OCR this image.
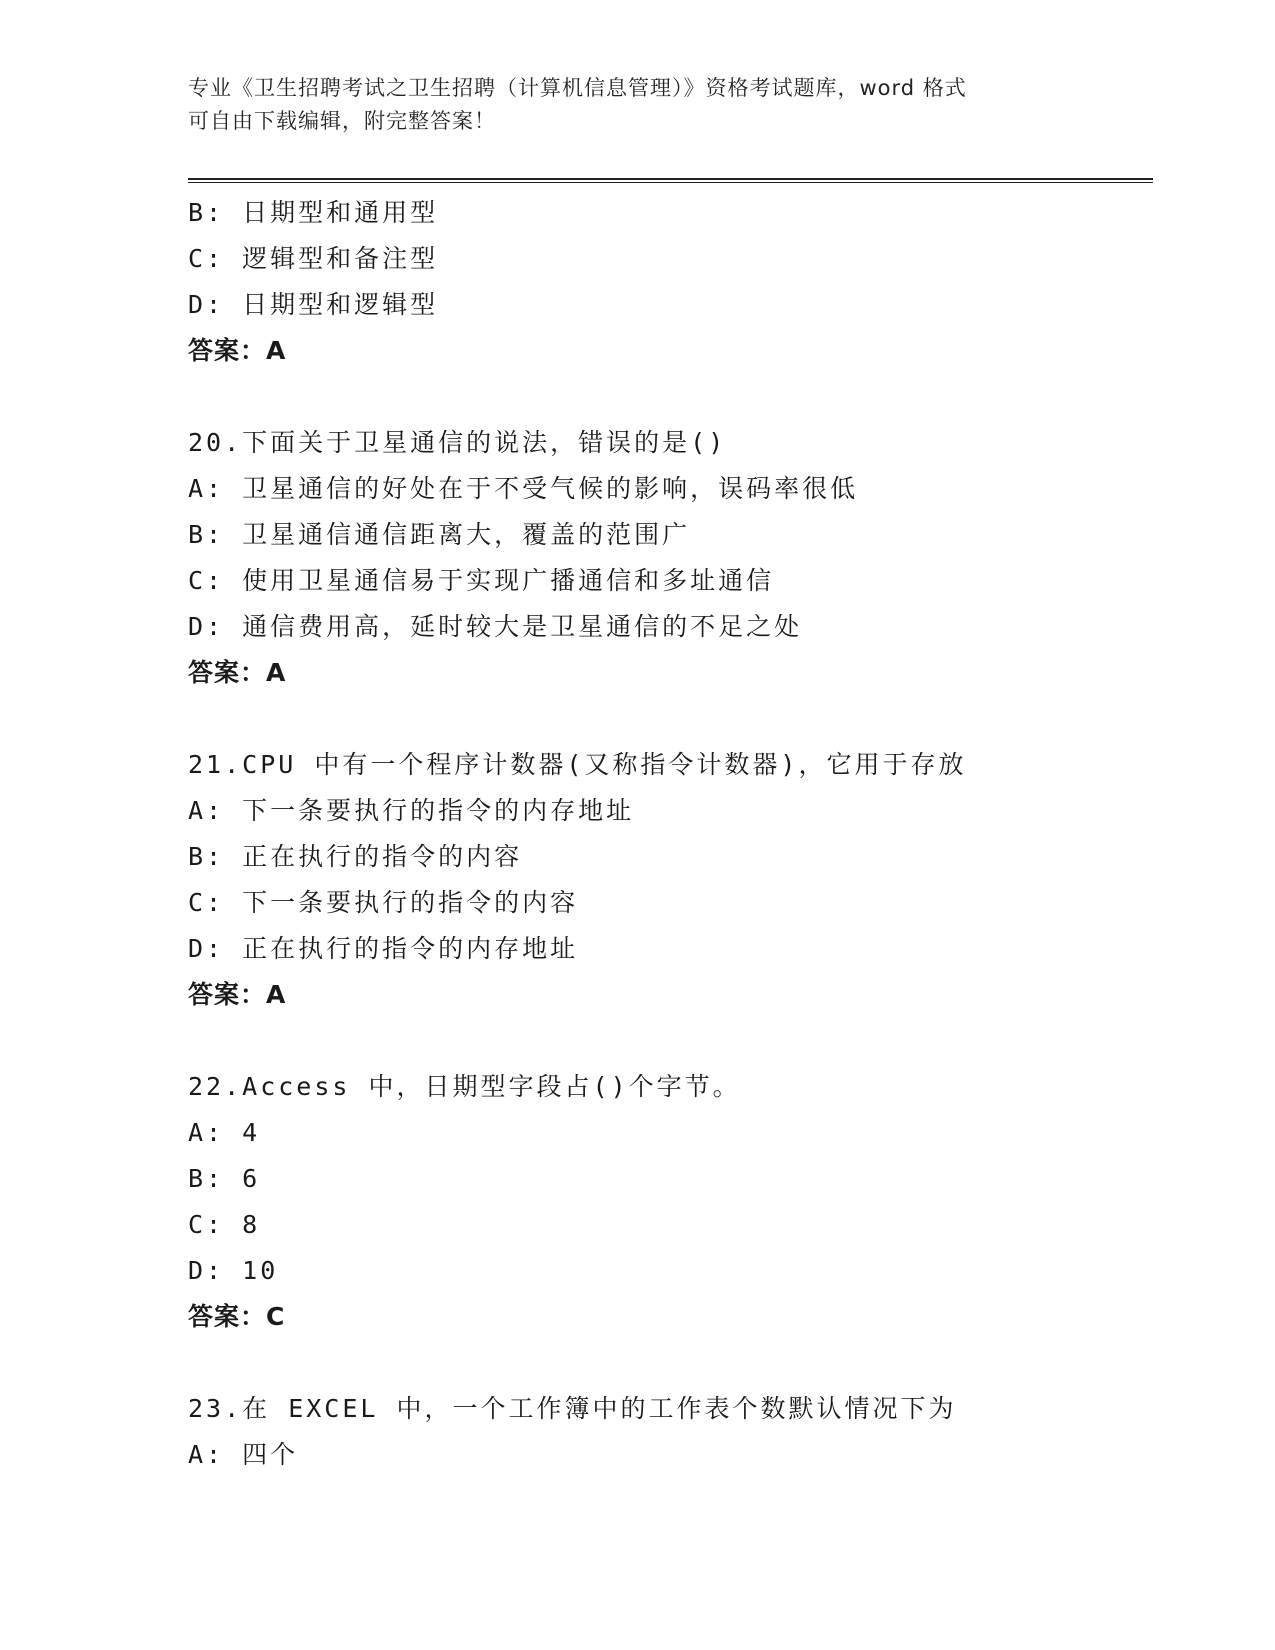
专业《卫生招聘考试之卫生招聘（计算机信息管理）》资格考试题库，word 格式
可自由下载编辑，附完整答案！
B: 日期型和通用型
C: 逻辑型和备注型
D: 日期型和逻辑型
答案：A
20.下面关于卫星通信的说法，错误的是()
A: 卫星通信的好处在于不受气候的影响，误码率很低
B: 卫星通信通信距离大，覆盖的范围广
C: 使用卫星通信易于实现广播通信和多址通信
D: 通信费用高，延时较大是卫星通信的不足之处
答案：A
21.CPU 中有一个程序计数器(又称指令计数器)，它用于存放
A: 下一条要执行的指令的内存地址
B: 正在执行的指令的内容
C: 下一条要执行的指令的内容
D: 正在执行的指令的内存地址
答案：A
22.Access 中，日期型字段占()个字节。
A: 4
B: 6
C: 8
D: 10
答案：C
23.在 EXCEL 中，一个工作簿中的工作表个数默认情况下为
A: 四个
